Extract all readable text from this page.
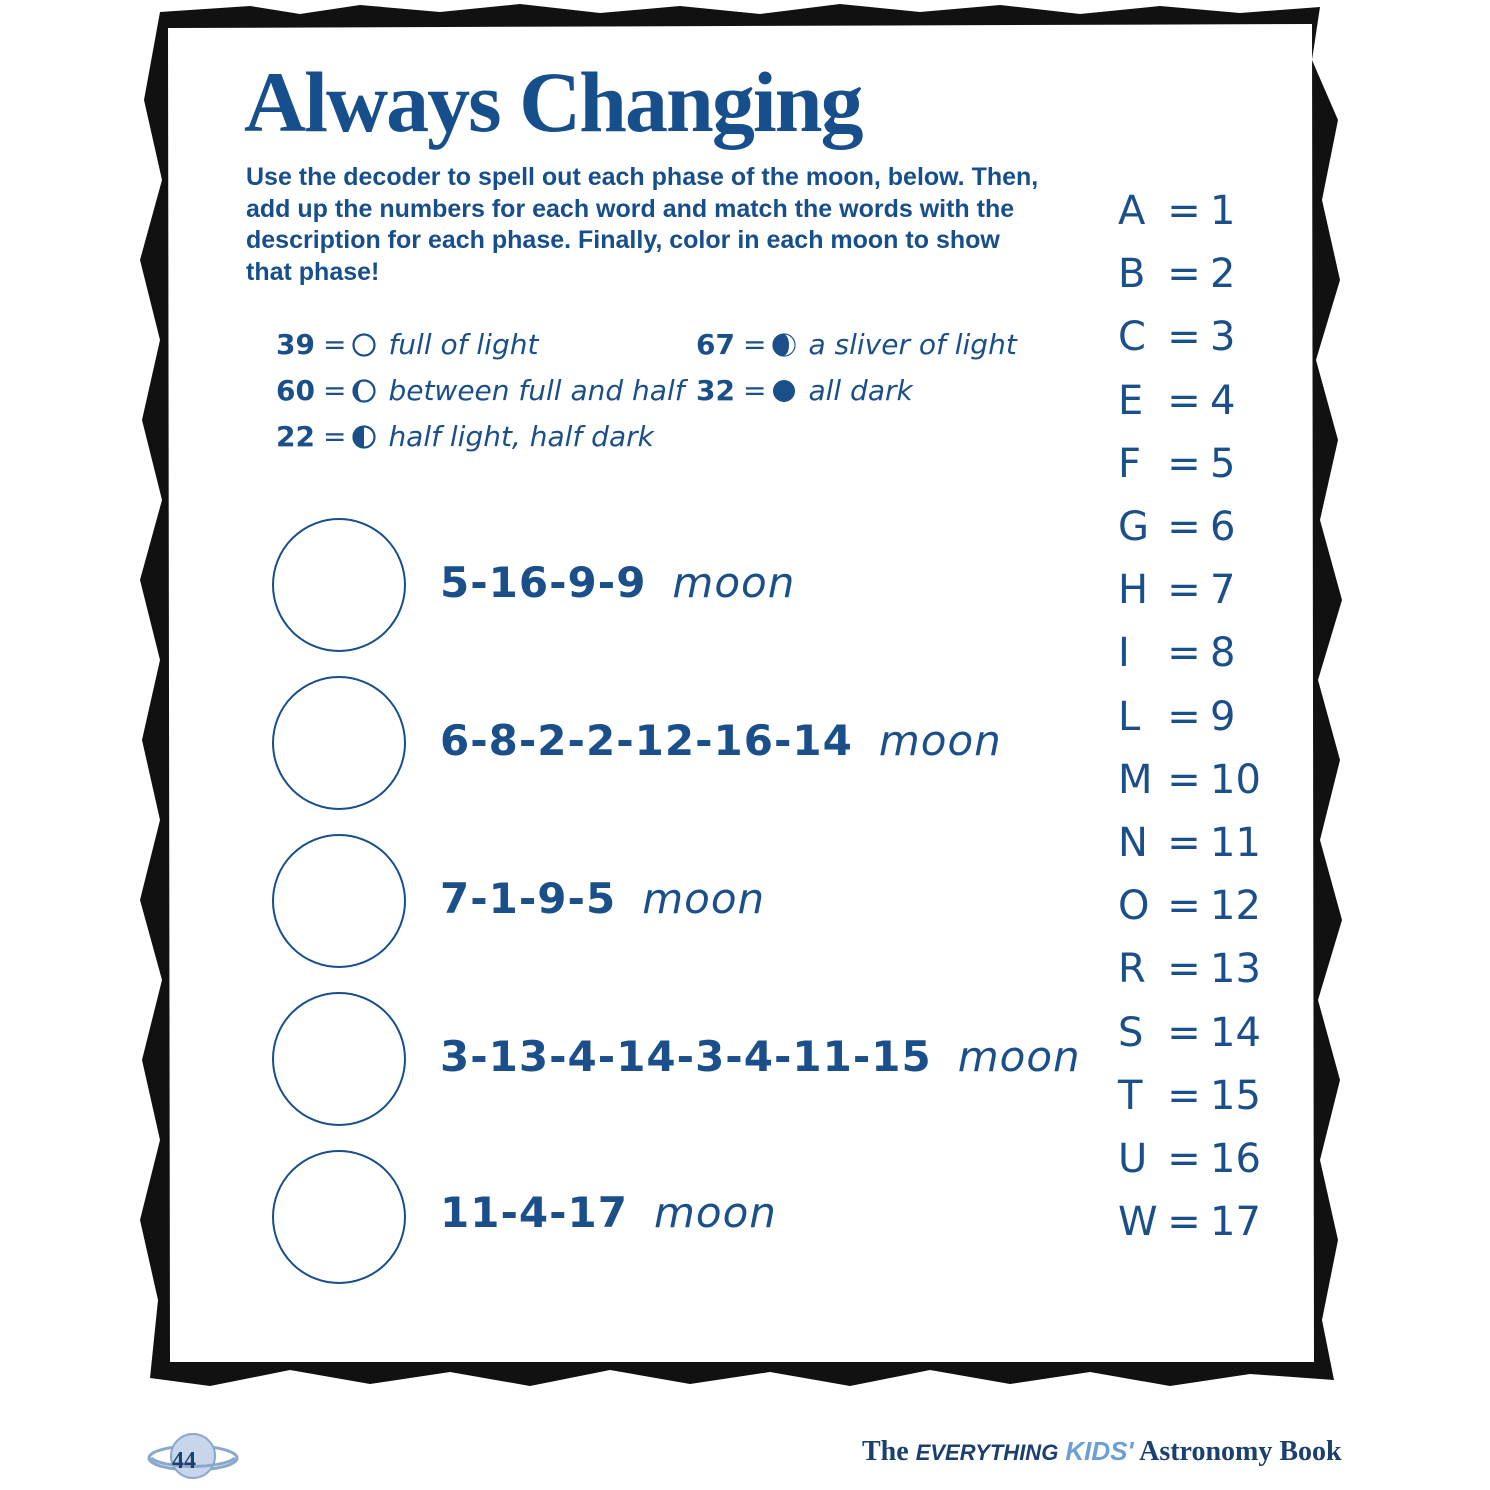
Always Changing
Use the decoder to spell out each phase of the moon, below. Then, add up the numbers for each word and match the words with the description for each phase. Finally, color in each moon to show that phase!
39 = full of light
60 = between full and half
22 = half light, half dark
67 = a sliver of light
32 = all dark
5-16-9-9 moon
6-8-2-2-12-16-14 moon
7-1-9-5 moon
3-13-4-14-3-4-11-15 moon
11-4-17 moon
A = 1
B = 2
C = 3
E = 4
F = 5
G = 6
H = 7
I = 8
L = 9
M = 10
N = 11
O = 12
R = 13
S = 14
T = 15
U = 16
W = 17
44	The EVERYTHING KIDS' Astronomy Book
